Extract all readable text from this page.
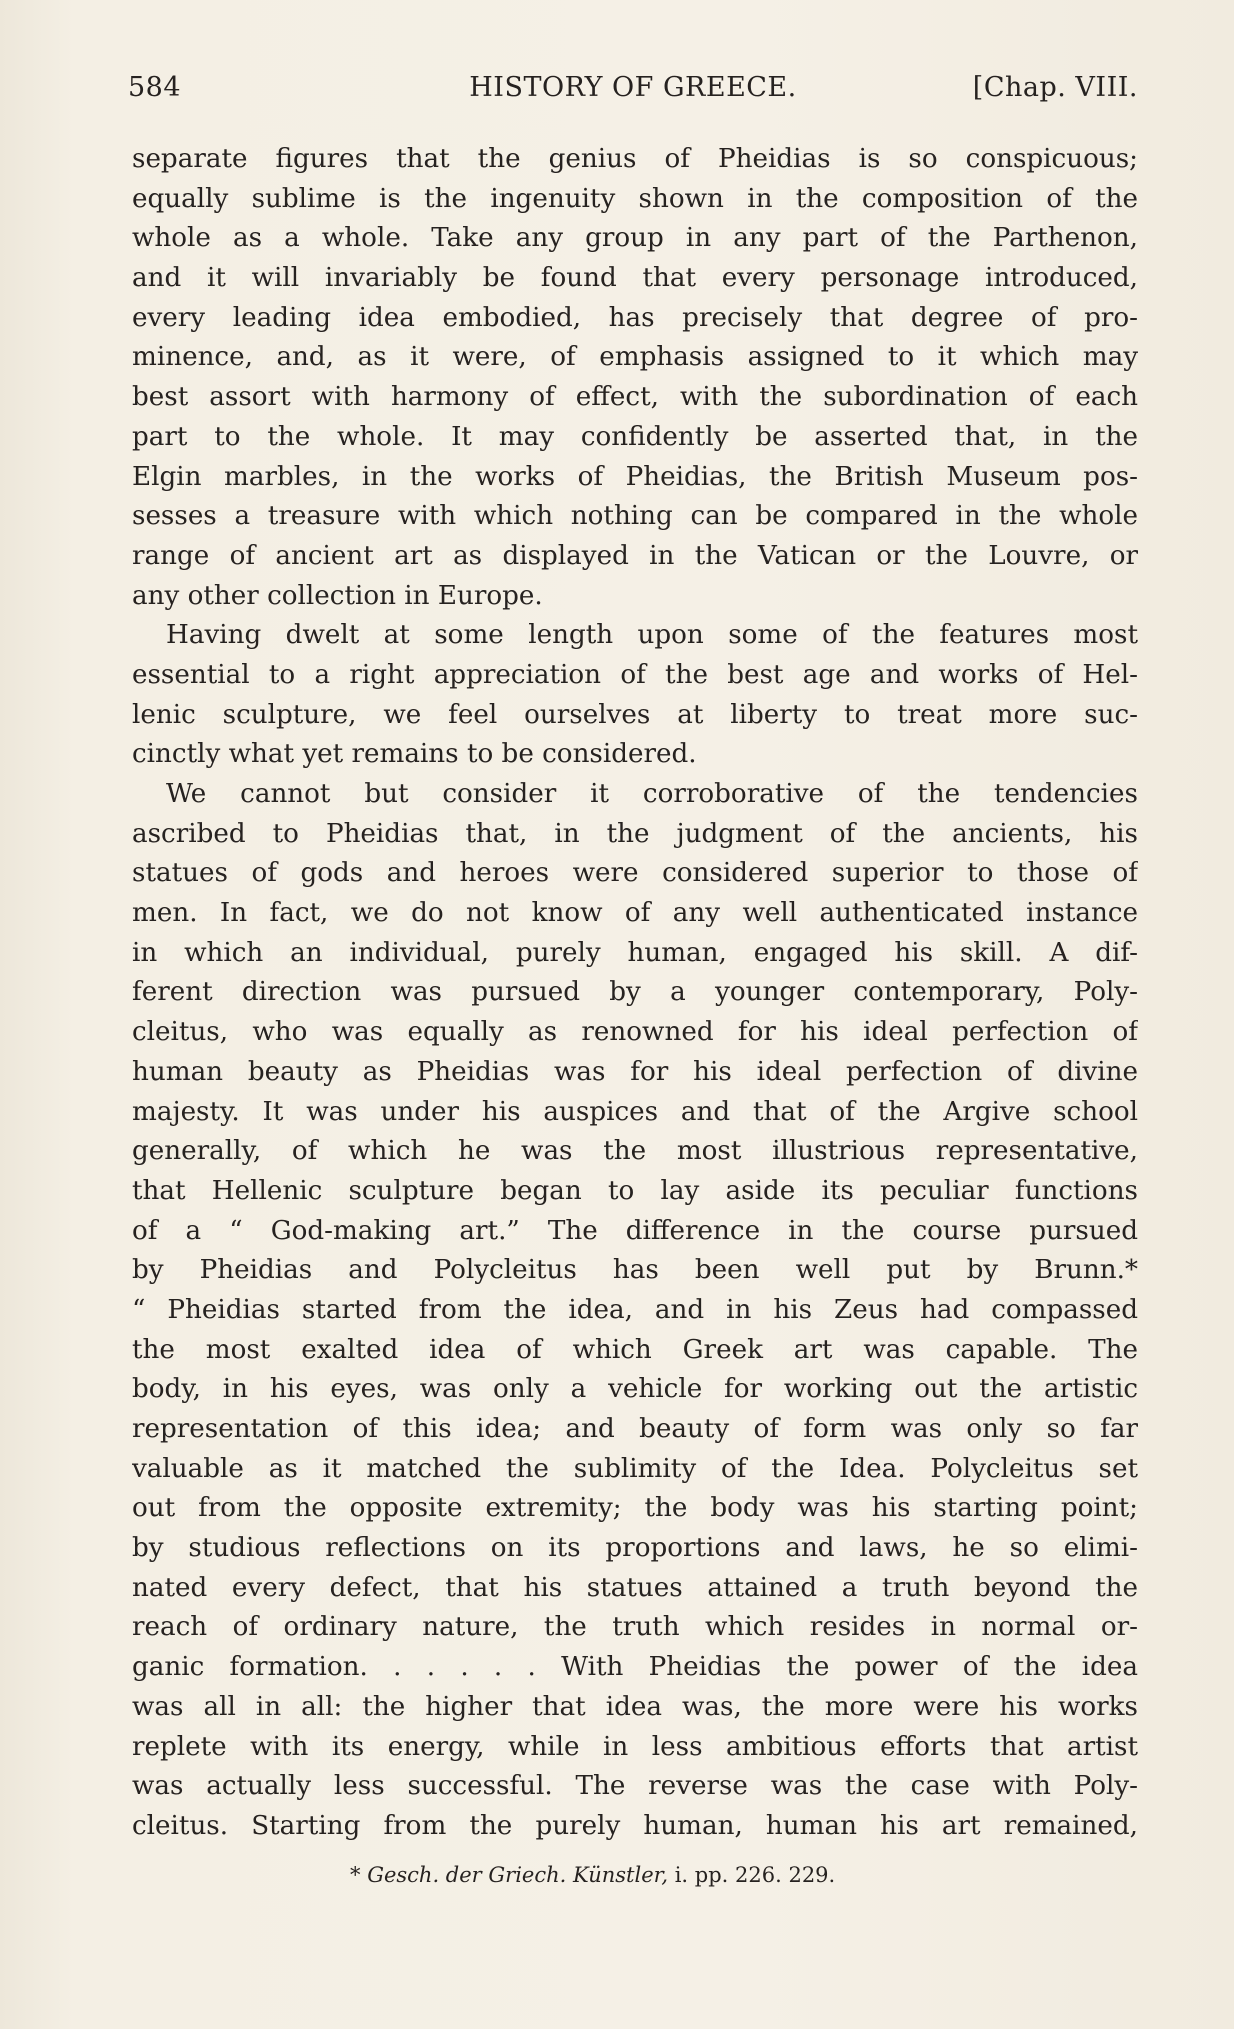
584	HISTORY OF GREECE.	[Chap. VIII.
separate figures that the genius of Pheidias is so conspicuous;
equally sublime is the ingenuity shown in the composition of the
whole as a whole. Take any group in any part of the Parthenon,
and it will invariably be found that every personage introduced,
every leading idea embodied, has precisely that degree of pro-
minence, and, as it were, of emphasis assigned to it which may
best assort with harmony of effect, with the subordination of each
part to the whole. It may confidently be asserted that, in the
Elgin marbles, in the works of Pheidias, the British Museum pos-
sesses a treasure with which nothing can be compared in the whole
range of ancient art as displayed in the Vatican or the Louvre, or
any other collection in Europe.
Having dwelt at some length upon some of the features most
essential to a right appreciation of the best age and works of Hel-
lenic sculpture, we feel ourselves at liberty to treat more suc-
cinctly what yet remains to be considered.
We cannot but consider it corroborative of the tendencies
ascribed to Pheidias that, in the judgment of the ancients, his
statues of gods and heroes were considered superior to those of
men. In fact, we do not know of any well authenticated instance
in which an individual, purely human, engaged his skill. A dif-
ferent direction was pursued by a younger contemporary, Poly-
cleitus, who was equally as renowned for his ideal perfection of
human beauty as Pheidias was for his ideal perfection of divine
majesty. It was under his auspices and that of the Argive school
generally, of which he was the most illustrious representative,
that Hellenic sculpture began to lay aside its peculiar functions
of a “ God-making art.” The difference in the course pursued
by Pheidias and Polycleitus has been well put by Brunn.*
“ Pheidias started from the idea, and in his Zeus had compassed
the most exalted idea of which Greek art was capable. The
body, in his eyes, was only a vehicle for working out the artistic
representation of this idea; and beauty of form was only so far
valuable as it matched the sublimity of the Idea. Polycleitus set
out from the opposite extremity; the body was his starting point;
by studious reflections on its proportions and laws, he so elimi-
nated every defect, that his statues attained a truth beyond the
reach of ordinary nature, the truth which resides in normal or-
ganic formation. . . . . . With Pheidias the power of the idea
was all in all: the higher that idea was, the more were his works
replete with its energy, while in less ambitious efforts that artist
was actually less successful. The reverse was the case with Poly-
cleitus. Starting from the purely human, human his art remained,
* Gesch. der Griech. Künstler, i. pp. 226. 229.
